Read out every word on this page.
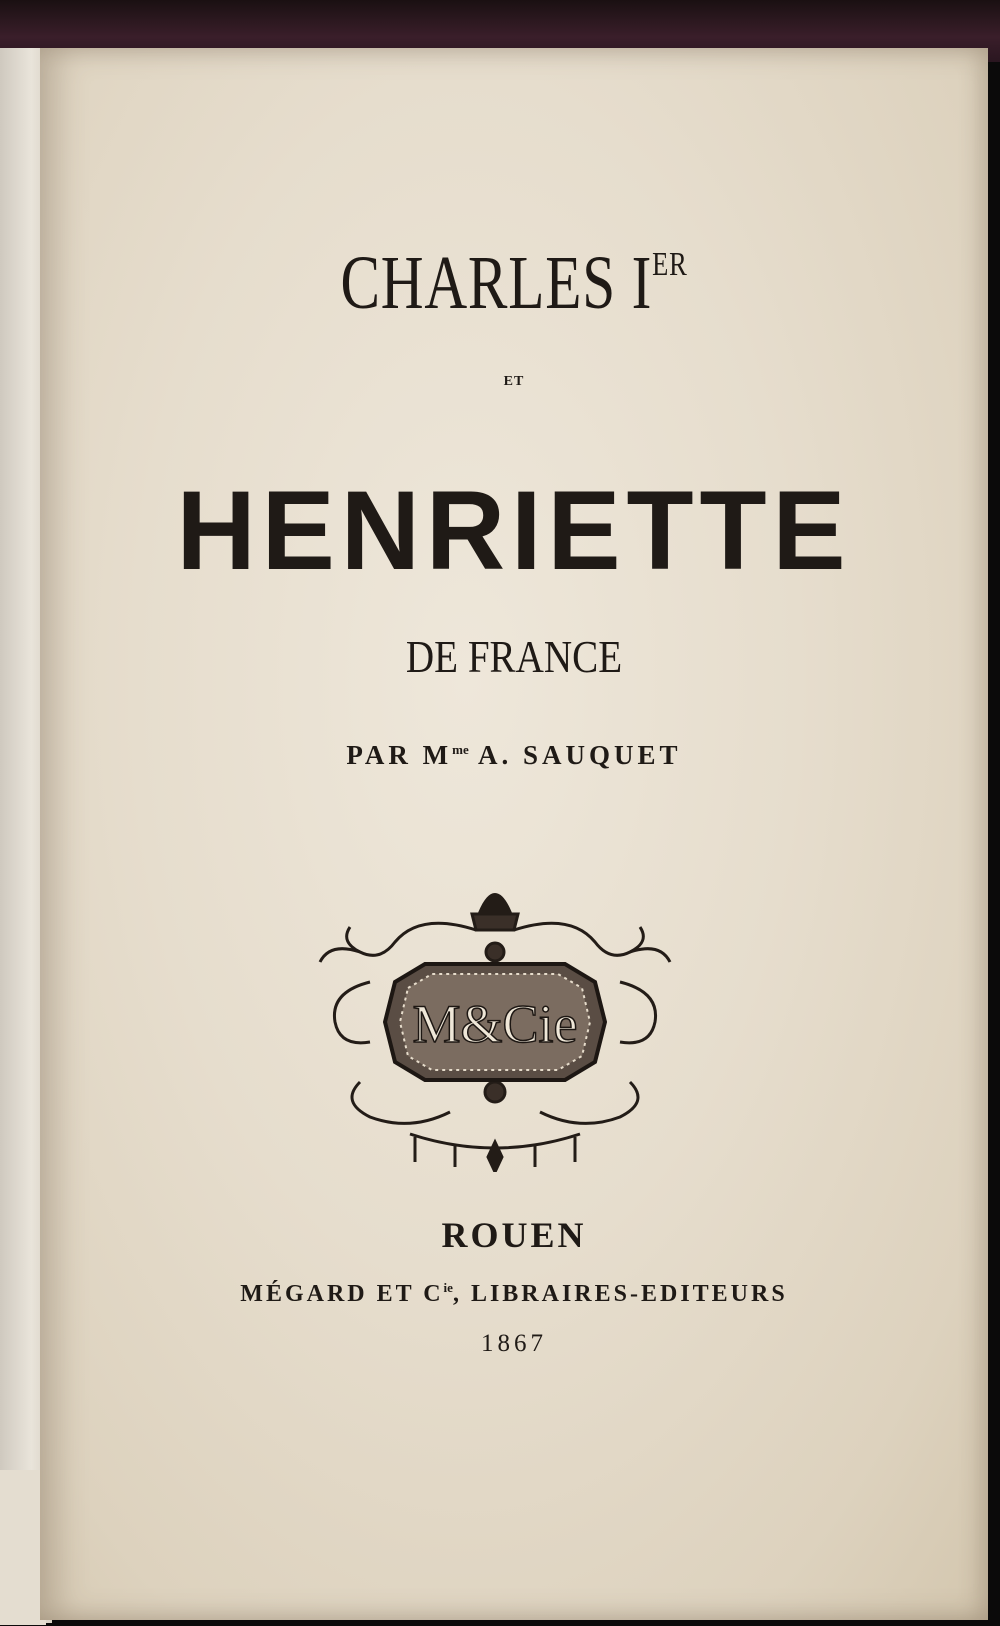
CHARLES IER

ET

HENRIETTE

DE FRANCE

PAR $M^{me}$ A. SAUQUET

M&Cie

ROUEN

MÉGARD ET $C^{ie}$, LIBRAIRES-EDITEURS

1867
